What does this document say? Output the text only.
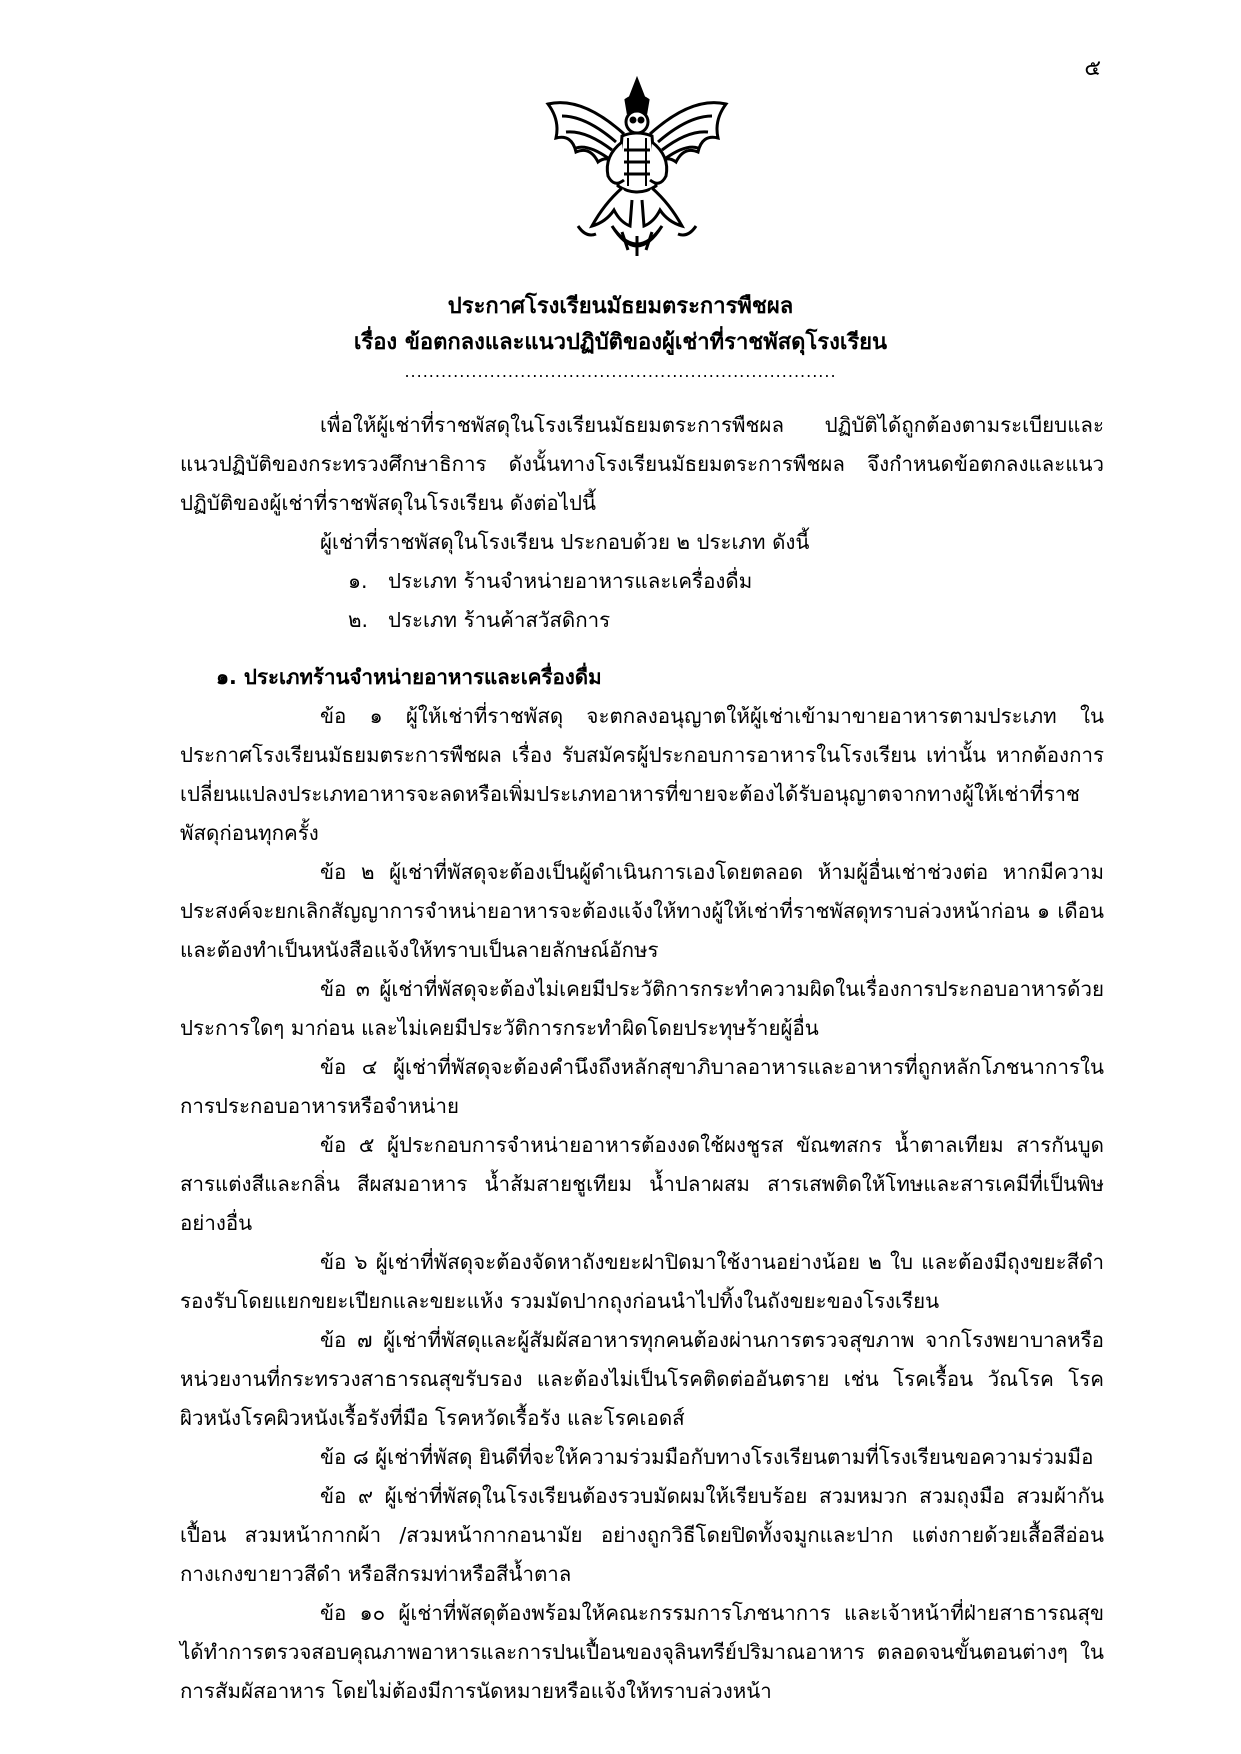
๕
ประกาศโรงเรียนมัธยมตระการพืชผล
เรื่อง ข้อตกลงและแนวปฏิบัติของผู้เช่าที่ราชพัสดุโรงเรียน
.......................................................................

เพื่อให้ผู้เช่าที่ราชพัสดุในโรงเรียนมัธยมตระการพืชผล ปฏิบัติได้ถูกต้องตามระเบียบและแนวปฏิบัติของกระทรวงศึกษาธิการ ดังนั้นทางโรงเรียนมัธยมตระการพืชผล จึงกำหนดข้อตกลงและแนวปฏิบัติของผู้เช่าที่ราชพัสดุในโรงเรียน ดังต่อไปนี้

ผู้เช่าที่ราชพัสดุในโรงเรียน ประกอบด้วย ๒ ประเภท ดังนี้

๑. ประเภท ร้านจำหน่ายอาหารและเครื่องดื่ม

๒. ประเภท ร้านค้าสวัสดิการ

๑. ประเภทร้านจำหน่ายอาหารและเครื่องดื่ม

ข้อ ๑ ผู้ให้เช่าที่ราชพัสดุ จะตกลงอนุญาตให้ผู้เช่าเข้ามาขายอาหารตามประเภท ในประกาศโรงเรียนมัธยมตระการพืชผล เรื่อง รับสมัครผู้ประกอบการอาหารในโรงเรียน เท่านั้น หากต้องการเปลี่ยนแปลงประเภทอาหารจะลดหรือเพิ่มประเภทอาหารที่ขายจะต้องได้รับอนุญาตจากทางผู้ให้เช่าที่ราชพัสดุก่อนทุกครั้ง

ข้อ ๒ ผู้เช่าที่พัสดุจะต้องเป็นผู้ดำเนินการเองโดยตลอด ห้ามผู้อื่นเช่าช่วงต่อ หากมีความประสงค์จะยกเลิกสัญญาการจำหน่ายอาหารจะต้องแจ้งให้ทางผู้ให้เช่าที่ราชพัสดุทราบล่วงหน้าก่อน ๑ เดือน และต้องทำเป็นหนังสือแจ้งให้ทราบเป็นลายลักษณ์อักษร

ข้อ ๓ ผู้เช่าที่พัสดุจะต้องไม่เคยมีประวัติการกระทำความผิดในเรื่องการประกอบอาหารด้วยประการใดๆ มาก่อน และไม่เคยมีประวัติการกระทำผิดโดยประทุษร้ายผู้อื่น

ข้อ ๔ ผู้เช่าที่พัสดุจะต้องคำนึงถึงหลักสุขาภิบาลอาหารและอาหารที่ถูกหลักโภชนาการในการประกอบอาหารหรือจำหน่าย

ข้อ ๕ ผู้ประกอบการจำหน่ายอาหารต้องงดใช้ผงชูรส ขัณฑสกร น้ำตาลเทียม สารกันบูด สารแต่งสีและกลิ่น สีผสมอาหาร น้ำส้มสายชูเทียม น้ำปลาผสม สารเสพติดให้โทษและสารเคมีที่เป็นพิษอย่างอื่น

ข้อ ๖ ผู้เช่าที่พัสดุจะต้องจัดหาถังขยะฝาปิดมาใช้งานอย่างน้อย ๒ ใบ และต้องมีถุงขยะสีดำรองรับโดยแยกขยะเปียกและขยะแห้ง รวมมัดปากถุงก่อนนำไปทิ้งในถังขยะของโรงเรียน

ข้อ ๗ ผู้เช่าที่พัสดุและผู้สัมผัสอาหารทุกคนต้องผ่านการตรวจสุขภาพ จากโรงพยาบาลหรือหน่วยงานที่กระทรวงสาธารณสุขรับรอง และต้องไม่เป็นโรคติดต่ออันตราย เช่น โรคเรื้อน วัณโรค โรคผิวหนังโรคผิวหนังเรื้อรังที่มือ โรคหวัดเรื้อรัง และโรคเอดส์

ข้อ ๘ ผู้เช่าที่พัสดุ ยินดีที่จะให้ความร่วมมือกับทางโรงเรียนตามที่โรงเรียนขอความร่วมมือ

ข้อ ๙ ผู้เช่าที่พัสดุในโรงเรียนต้องรวบมัดผมให้เรียบร้อย สวมหมวก สวมถุงมือ สวมผ้ากันเปื้อน สวมหน้ากากผ้า /สวมหน้ากากอนามัย อย่างถูกวิธีโดยปิดทั้งจมูกและปาก แต่งกายด้วยเสื้อสีอ่อน กางเกงขายาวสีดำ หรือสีกรมท่าหรือสีน้ำตาล

ข้อ ๑๐ ผู้เช่าที่พัสดุต้องพร้อมให้คณะกรรมการโภชนาการ และเจ้าหน้าที่ฝ่ายสาธารณสุขได้ทำการตรวจสอบคุณภาพอาหารและการปนเปื้อนของจุลินทรีย์ปริมาณอาหาร ตลอดจนขั้นตอนต่างๆ ในการสัมผัสอาหาร โดยไม่ต้องมีการนัดหมายหรือแจ้งให้ทราบล่วงหน้า
